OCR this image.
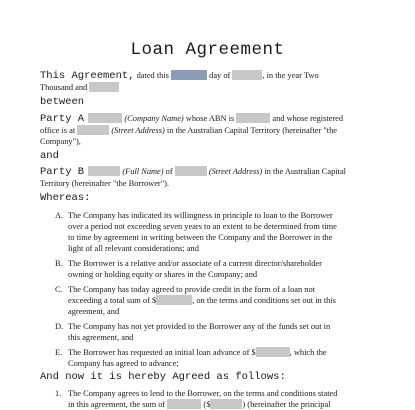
Loan Agreement
This Agreement, dated this	day of	, in the year Two
Thousand and
between
Party A	(Company Name) whose ABN is	and whose registered
office is at	(Street Address) in the Australian Capital Territory (hereinafter "the
Company"),
and
Party B	(Full Name) of	(Street Address) in the Australian Capital
Territory (hereinafter "the Borrower").
Whereas:
A. The Company has indicated its willingness in principle to loan to the Borrower
over a period not exceeding seven years to an extent to be determined from time
to time by agreement in writing between the Company and the Borrower in the
light of all relevant considerations; and
B. The Borrower is a relative and/or associate of a current director/shareholder
owning or holding equity or shares in the Company; and
C. The Company has today agreed to provide credit in the form of a loan not
exceeding a total sum of $	, on the terms and conditions set out in this
agreement, and
D. The Company has not yet provided to the Borrower any of the funds set out in
this agreement, and
E. The Borrower has requested an initial loan advance of $	, which the
Company has agreed to advance;
And now it is hereby Agreed as follows:
1. The Company agrees to lend to the Borrower, on the terms and conditions stated
in this agreement, the sum of	($	) (hereinafter the principal
